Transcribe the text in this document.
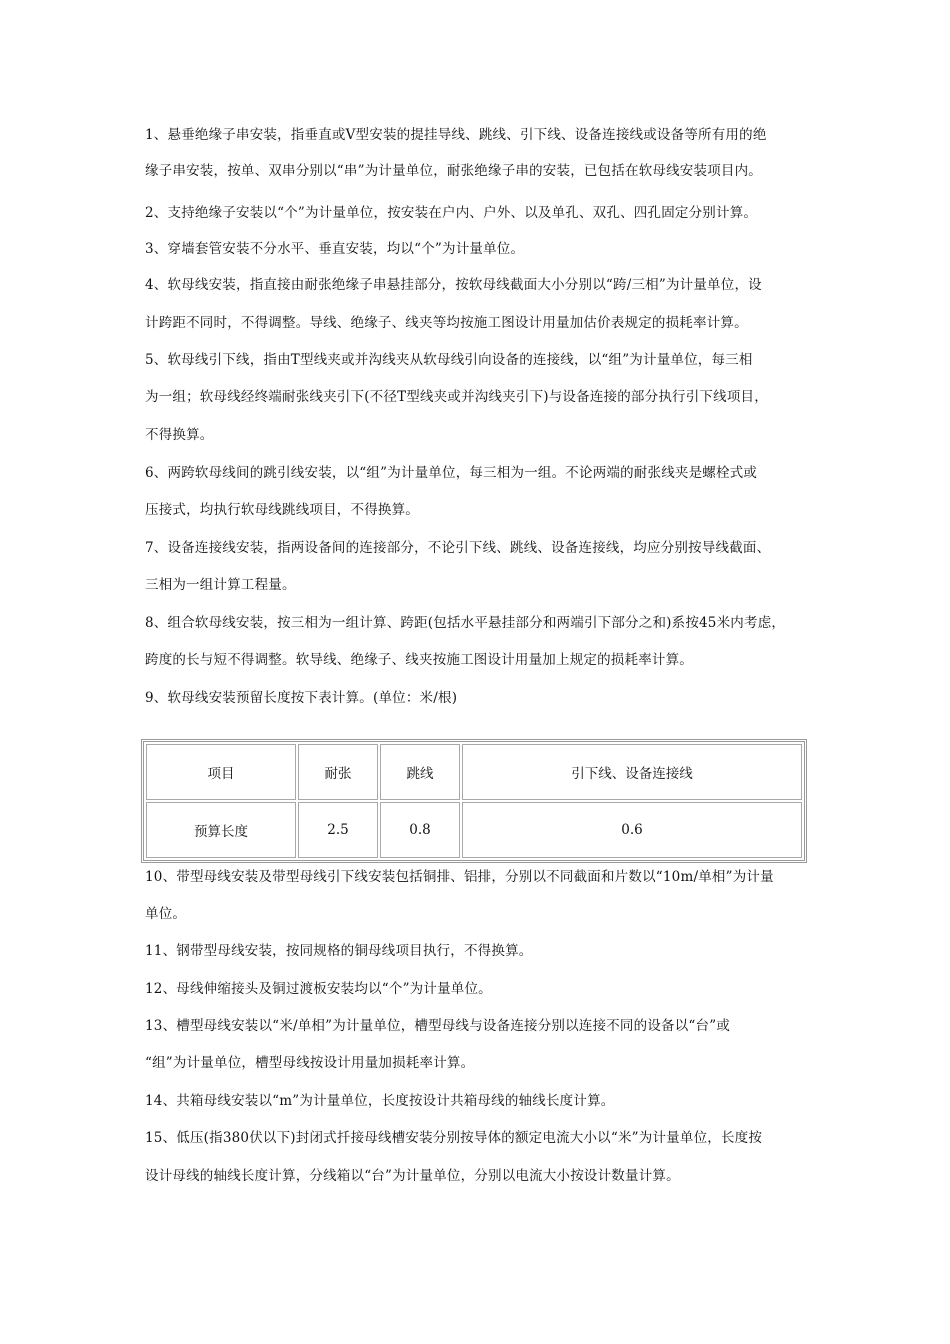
1、悬垂绝缘子串安装，指垂直或V型安装的提挂导线、跳线、引下线、设备连接线或设备等所有用的绝
缘子串安装，按单、双串分别以“串”为计量单位，耐张绝缘子串的安装，已包括在软母线安装项目内。
2、支持绝缘子安装以“个”为计量单位，按安装在户内、户外、以及单孔、双孔、四孔固定分别计算。
3、穿墙套管安装不分水平、垂直安装，均以“个”为计量单位。
4、软母线安装，指直接由耐张绝缘子串悬挂部分，按软母线截面大小分别以“跨/三相”为计量单位，设
计跨距不同时，不得调整。导线、绝缘子、线夹等均按施工图设计用量加估价表规定的损耗率计算。
5、软母线引下线，指由T型线夹或并沟线夹从软母线引向设备的连接线，以“组”为计量单位，每三相
为一组；软母线经终端耐张线夹引下(不径T型线夹或并沟线夹引下)与设备连接的部分执行引下线项目，
不得换算。
6、两跨软母线间的跳引线安装，以“组”为计量单位，每三相为一组。不论两端的耐张线夹是螺栓式或
压接式，均执行软母线跳线项目，不得换算。
7、设备连接线安装，指两设备间的连接部分，不论引下线、跳线、设备连接线，均应分别按导线截面、
三相为一组计算工程量。
8、组合软母线安装，按三相为一组计算、跨距(包括水平悬挂部分和两端引下部分之和)系按45米内考虑，
跨度的长与短不得调整。软导线、绝缘子、线夹按施工图设计用量加上规定的损耗率计算。
9、软母线安装预留长度按下表计算。(单位：米/根)
项目	耐张	跳线	引下线、设备连接线
预算长度	2.5	0.8	0.6
10、带型母线安装及带型母线引下线安装包括铜排、铝排，分别以不同截面和片数以“10m/单相”为计量
单位。
11、钢带型母线安装，按同规格的铜母线项目执行，不得换算。
12、母线伸缩接头及铜过渡板安装均以“个”为计量单位。
13、槽型母线安装以“米/单相”为计量单位，槽型母线与设备连接分别以连接不同的设备以“台”或
“组”为计量单位，槽型母线按设计用量加损耗率计算。
14、共箱母线安装以“m”为计量单位，长度按设计共箱母线的轴线长度计算。
15、低压(指380伏以下)封闭式扦接母线槽安装分别按导体的额定电流大小以“米”为计量单位，长度按
设计母线的轴线长度计算，分线箱以“台”为计量单位，分别以电流大小按设计数量计算。
